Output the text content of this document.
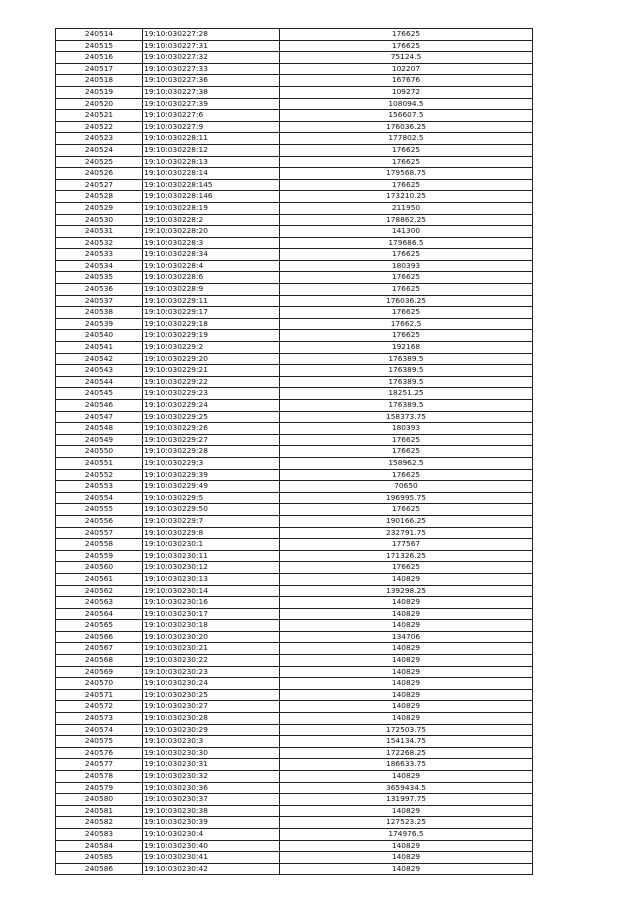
240514	19:10:030227:28	176625
240515	19:10:030227:31	176625
240516	19:10:030227:32	75124.5
240517	19:10:030227:33	102207
240518	19:10:030227:36	167676
240519	19:10:030227:38	109272
240520	19:10:030227:39	108094.5
240521	19:10:030227:6	156607.5
240522	19:10:030227:9	176036.25
240523	19:10:030228:11	177802.5
240524	19:10:030228:12	176625
240525	19:10:030228:13	176625
240526	19:10:030228:14	179568.75
240527	19:10:030228:145	176625
240528	19:10:030228:146	173210.25
240529	19:10:030228:19	211950
240530	19:10:030228:2	178862.25
240531	19:10:030228:20	141300
240532	19:10:030228:3	179686.5
240533	19:10:030228:34	176625
240534	19:10:030228:4	180393
240535	19:10:030228:6	176625
240536	19:10:030228:9	176625
240537	19:10:030229:11	176036.25
240538	19:10:030229:17	176625
240539	19:10:030229:18	17662.5
240540	19:10:030229:19	176625
240541	19:10:030229:2	192168
240542	19:10:030229:20	176389.5
240543	19:10:030229:21	176389.5
240544	19:10:030229:22	176389.5
240545	19:10:030229:23	18251.25
240546	19:10:030229:24	176389.5
240547	19:10:030229:25	158373.75
240548	19:10:030229:26	180393
240549	19:10:030229:27	176625
240550	19:10:030229:28	176625
240551	19:10:030229:3	158962.5
240552	19:10:030229:39	176625
240553	19:10:030229:49	70650
240554	19:10:030229:5	196995.75
240555	19:10:030229:50	176625
240556	19:10:030229:7	190166.25
240557	19:10:030229:8	232791.75
240558	19:10:030230:1	177567
240559	19:10:030230:11	171326.25
240560	19:10:030230:12	176625
240561	19:10:030230:13	140829
240562	19:10:030230:14	139298.25
240563	19:10:030230:16	140829
240564	19:10:030230:17	140829
240565	19:10:030230:18	140829
240566	19:10:030230:20	134706
240567	19:10:030230:21	140829
240568	19:10:030230:22	140829
240569	19:10:030230:23	140829
240570	19:10:030230:24	140829
240571	19:10:030230:25	140829
240572	19:10:030230:27	140829
240573	19:10:030230:28	140829
240574	19:10:030230:29	172503.75
240575	19:10:030230:3	154134.75
240576	19:10:030230:30	172268.25
240577	19:10:030230:31	186633.75
240578	19:10:030230:32	140829
240579	19:10:030230:36	3659434.5
240580	19:10:030230:37	131997.75
240581	19:10:030230:38	140829
240582	19:10:030230:39	127523.25
240583	19:10:030230:4	174976.5
240584	19:10:030230:40	140829
240585	19:10:030230:41	140829
240586	19:10:030230:42	140829
